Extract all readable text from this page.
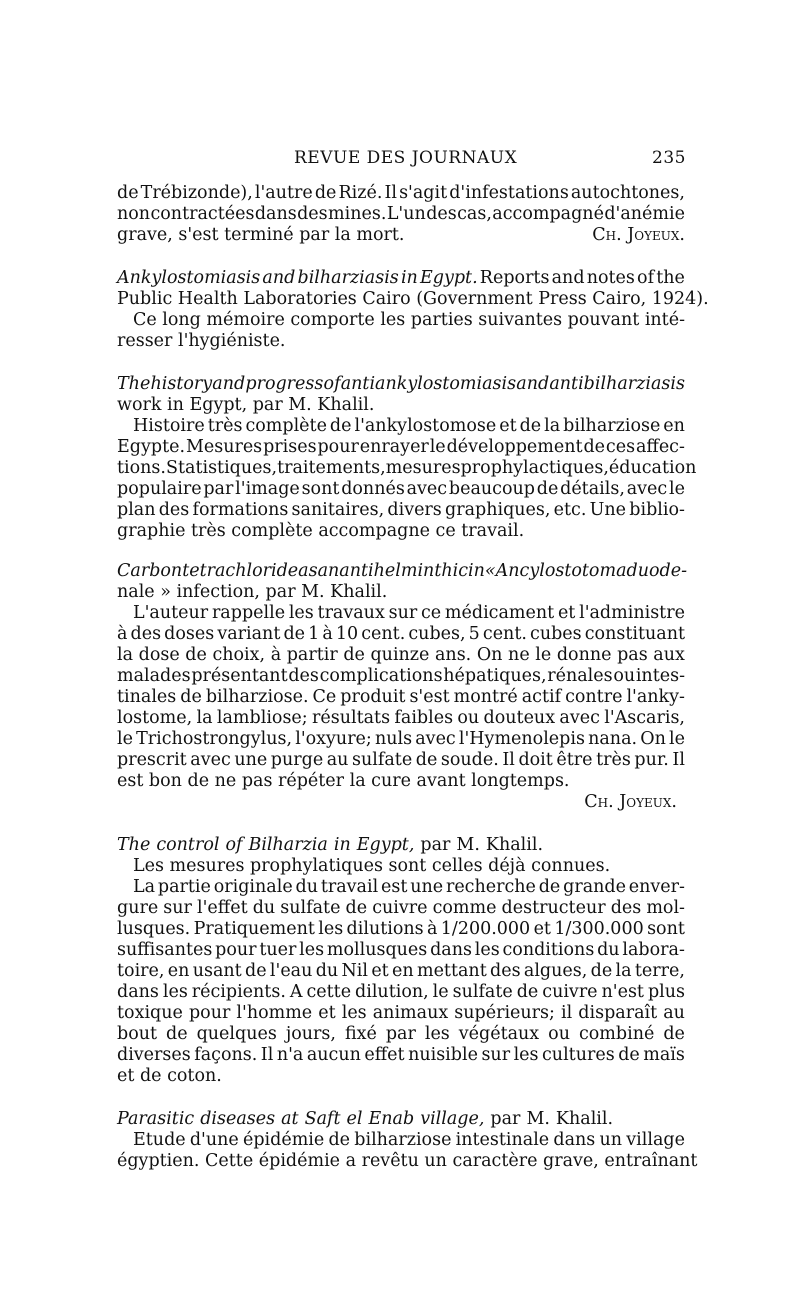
REVUE DES JOURNAUX	235
de Trébizonde), l'autre de Rizé. Il s'agit d'infestations autochtones,
non contractées dans des mines. L'un des cas, accompagné d'anémie
grave, s'est terminé par la mort.	Ch. Joyeux.
Ankylostomiasis and bilharziasis in Egypt. Reports and notes of the
Public Health Laboratories Cairo (Government Press Cairo, 1924).
Ce long mémoire comporte les parties suivantes pouvant inté-
resser l'hygiéniste.
The history and progress of antiankylostomiasis and antibilharziasis
work in Egypt, par M. Khalil.
Histoire très complète de l'ankylostomose et de la bilharziose en
Egypte. Mesures prises pour enrayer le développement de ces affec-
tions. Statistiques, traitements, mesures prophylactiques, éducation
populaire par l'image sont donnés avec beaucoup de détails, avec le
plan des formations sanitaires, divers graphiques, etc. Une biblio-
graphie très complète accompagne ce travail.
Carbon tetrachloride as an antihelminthic in « Ancylostotoma duode-
nale » infection, par M. Khalil.
L'auteur rappelle les travaux sur ce médicament et l'administre
à des doses variant de 1 à 10 cent. cubes, 5 cent. cubes constituant
la dose de choix, à partir de quinze ans. On ne le donne pas aux
malades présentant des complications hépatiques, rénales ou intes-
tinales de bilharziose. Ce produit s'est montré actif contre l'anky-
lostome, la lambliose; résultats faibles ou douteux avec l'Ascaris,
le Trichostrongylus, l'oxyure; nuls avec l'Hymenolepis nana. On le
prescrit avec une purge au sulfate de soude. Il doit être très pur. Il
est bon de ne pas répéter la cure avant longtemps.
Ch. Joyeux.
The control of Bilharzia in Egypt, par M. Khalil.
Les mesures prophylatiques sont celles déjà connues.
La partie originale du travail est une recherche de grande enver-
gure sur l'effet du sulfate de cuivre comme destructeur des mol-
lusques. Pratiquement les dilutions à 1/200.000 et 1/300.000 sont
suffisantes pour tuer les mollusques dans les conditions du labora-
toire, en usant de l'eau du Nil et en mettant des algues, de la terre,
dans les récipients. A cette dilution, le sulfate de cuivre n'est plus
toxique pour l'homme et les animaux supérieurs; il disparaît au
bout de quelques jours, fixé par les végétaux ou combiné de
diverses façons. Il n'a aucun effet nuisible sur les cultures de maïs
et de coton.
Parasitic diseases at Saft el Enab village, par M. Khalil.
Etude d'une épidémie de bilharziose intestinale dans un village
égyptien. Cette épidémie a revêtu un caractère grave, entraînant
